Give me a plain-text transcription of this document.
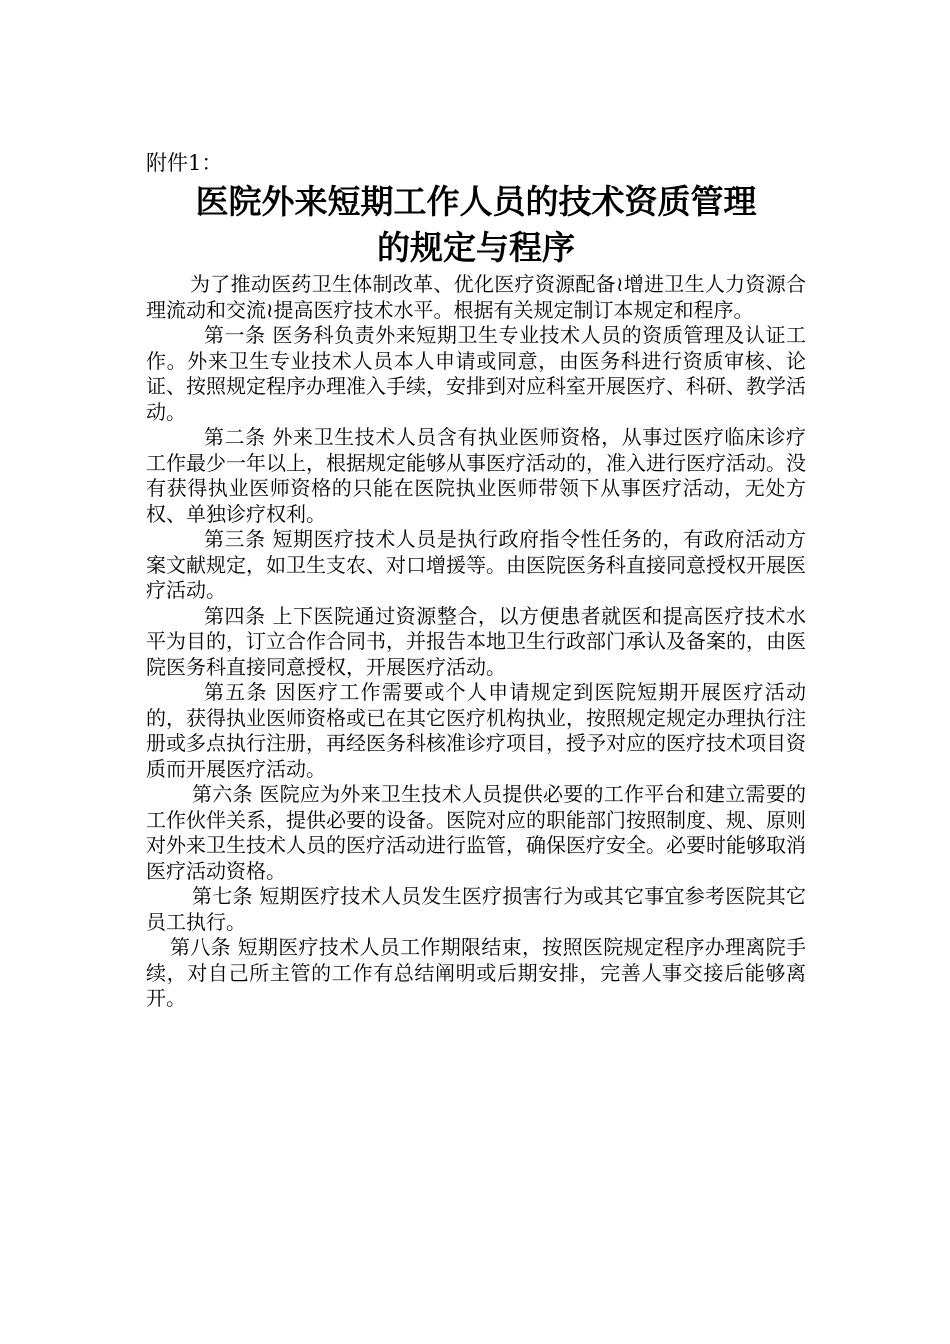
附件1：
医院外来短期工作人员的技术资质管理
的规定与程序

为了推动医药卫生体制改革、优化医疗资源配备≀增进卫生人力资源合理流动和交流≀提高医疗技术水平。根据有关规定制订本规定和程序。

第一条 医务科负责外来短期卫生专业技术人员的资质管理及认证工作。外来卫生专业技术人员本人申请或同意，由医务科进行资质审核、论证、按照规定程序办理准入手续，安排到对应科室开展医疗、科研、教学活动。

第二条 外来卫生技术人员含有执业医师资格，从事过医疗临床诊疗工作最少一年以上，根据规定能够从事医疗活动的，准入进行医疗活动。没有获得执业医师资格的只能在医院执业医师带领下从事医疗活动，无处方权、单独诊疗权利。

第三条 短期医疗技术人员是执行政府指令性任务的，有政府活动方案文献规定，如卫生支农、对口增援等。由医院医务科直接同意授权开展医疗活动。

第四条 上下医院通过资源整合，以方便患者就医和提高医疗技术水平为目的，订立合作合同书，并报告本地卫生行政部门承认及备案的，由医院医务科直接同意授权，开展医疗活动。

第五条 因医疗工作需要或个人申请规定到医院短期开展医疗活动的，获得执业医师资格或已在其它医疗机构执业，按照规定规定办理执行注册或多点执行注册，再经医务科核准诊疗项目，授予对应的医疗技术项目资质而开展医疗活动。

第六条 医院应为外来卫生技术人员提供必要的工作平台和建立需要的工作伙伴关系，提供必要的设备。医院对应的职能部门按照制度、规、原则对外来卫生技术人员的医疗活动进行监管，确保医疗安全。必要时能够取消医疗活动资格。

第七条 短期医疗技术人员发生医疗损害行为或其它事宜参考医院其它员工执行。

第八条 短期医疗技术人员工作期限结束，按照医院规定程序办理离院手续，对自己所主管的工作有总结阐明或后期安排，完善人事交接后能够离开。
